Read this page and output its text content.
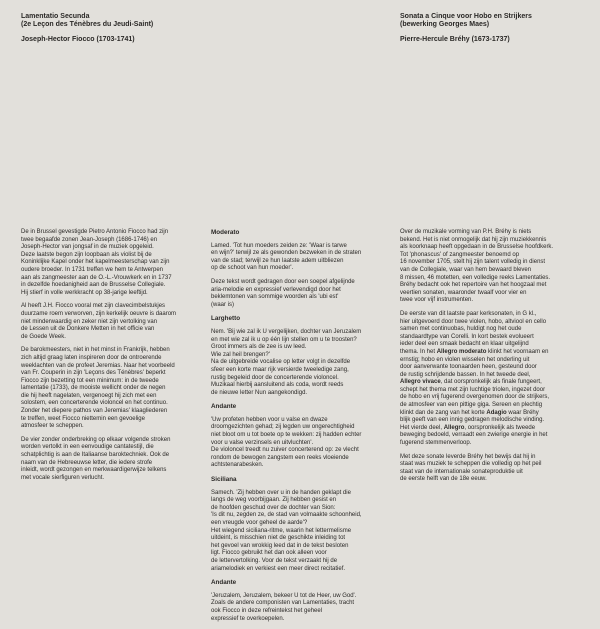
Lamentatio Secunda

(2e Leçon des Ténèbres du Jeudi-Saint)

Joseph-Hector Fiocco (1703-1741)

Sonata a Cinque voor Hobo en Strijkers

(bewerking Georges Maes)

Pierre-Hercule Bréhy (1673-1737)

De in Brussel gevestigde Pietro Antonio Fiocco had zijn
twee begaafde zonen Jean-Joseph (1686-1746) en
Joseph-Hector van jongsaf in de muziek opgeleid.
Deze laatste begon zijn loopbaan als violist bij de
Koninklijke Kapel onder het kapelmeesterschap van zijn
oudere broeder. In 1731 treffen we hem te Antwerpen
aan als zangmeester aan de O.-L.-Vrouwkerk en in 1737
in dezelfde hoedanigheid aan de Brusselse Collegiale.
Hij stierf in volle werkkracht op 38-jarige leeftijd.

Al heeft J.H. Fiocco vooral met zijn clavecimbelstukjes
duurzame roem verworven, zijn kerkelijk oeuvre is daarom
niet minderwaardig en zeker niet zijn vertolking van
de Lessen uit de Donkere Metten in het officie van
de Goede Week.

De barokmeesters, niet in het minst in Frankrijk, hebben
zich altijd graag laten inspireren door de ontroerende
weeklachten van de profeet Jeremias. Naar het voorbeeld
van Fr. Couperin in zijn 'Leçons des Ténèbres' beperkt
Fiocco zijn bezetting tot een minimum: in de tweede
lamentatie (1733), de mooiste wellicht onder de negen
die hij heeft nagelaten, vergenoegt hij zich met een
solostem, een concerterende violoncel en het continuo.
Zonder het diepere pathos van Jeremias' klaagliederen
te treffen, weet Fiocco niettemin een gevoelige
atmosfeer te scheppen.

De vier zonder onderbreking op elkaar volgende stroken
worden vertolkt in een eenvoudige cantatestijl, die
schatplichtig is aan de Italiaanse baroktechniek. Ook de
naam van de Hebreeuwse letter, die iedere strofe
inleidt, wordt gezongen en merkwaardigerwijze telkens
met vocale sierfiguren verlucht.

Moderato

Lamed. 'Tot hun moeders zeiden ze: 'Waar is tarwe
en wijn?' terwijl ze als gewonden bezweken in de straten
van de stad; terwijl ze hun laatste adem uitbliezen
op de schoot van hun moeder'.

Deze tekst wordt gedragen door een soepel afgelijnde
aria-melodie en expressief verlevendigd door het
beklemtonen van sommige woorden als 'ubi est'
(waar is)

Larghetto

Nem. 'Bij wie zal ik U vergelijken, dochter van Jeruzalem
en met wie zal ik u op één lijn stellen om u te troosten?
Groot immers als de zee is uw leed.
Wie zal heil brengen?'
Na de uitgebreide vocalise op letter volgt in dezelfde
sfeer een korte maar rijk versierde tweeledige zang,
rustig begeleid door de concerterende violoncel.
Muzikaal hierbij aansluitend als coda, wordt reeds
de nieuwe letter Nun aangekondigd.

Andante

'Uw profeten hebben voor u valse en dwaze
droomgezichten gehad; zij legden uw ongerechtigheid
niet bloot om u tot boete op te wekken: zij hadden echter
voor u valse verzinsels en uitvluchten'.
De violoncel treedt nu zuiver concerterend op: ze vlecht
rondom de bewogen zangstem een reeks vloeiende
achtstenarabesken.

Siciliana

Samech. 'Zij hebben over u in de handen geklapt die
langs de weg voorbijgaan. Zij hebben gesist en
de hoofden geschud over de dochter van Sion:
'Is dit nu, zegden ze, de stad van volmaakte schoonheid,
een vreugde voor geheel de aarde'?
Het wiegend siciliana-ritme, waarin het lettermelisme
uitdeint, is misschien niet de geschikte inleiding tot
het gevoel van wrokkig leed dat in de tekst besloten
ligt. Fiocco gebruikt het dan ook alleen voor
de lettervertolking. Voor de tekst verzaakt hij de
ariamelodiek en verkiest een meer direct recitatief.

Andante

'Jeruzalem, Jeruzalem, bekeer U tot de Heer, uw God'.
Zoals de andere componisten van Lamentaties, tracht
ook Fiocco in deze refreintekst het geheel
expressief te overkoepelen.

Over de muzikale vorming van P.H. Bréhy is niets
bekend. Het is niet onmogelijk dat hij zijn muziekkennis
als koorknaap heeft opgedaan in de Brusselse hoofdkerk.
Tot 'phonascus' of zangmeester benoemd op
16 november 1705, stelt hij zijn talent volledig in dienst
van de Collegiale, waar van hem bewaard bleven
8 missen, 46 motetten, een volledige reeks Lamentaties.
Bréhy bedacht ook het repertoire van het hoogzaal met
veertien sonaten, waaronder twaalf voor vier en
twee voor vijf instrumenten.

De eerste van dit laatste paar kerksonaten, in G kl.,
hier uitgevoerd door twee violen, hobo, altviool en cello
samen met continuobas, huldigt nog het oude
standaardtype van Corelli. In kort bestek evolueert
ieder deel een smaak bedacht en klaar uitgelijnd
thema. In het Allegro moderato klinkt het voornaam en
ernstig; hobo en violen wisselen het onderling uit
door aanverwante toonaarden heen, gesteund door
de rustig schrijdende bassen. In het tweede deel,
Allegro vivace, dat oorspronkelijk als finale fungeert,
schept het thema met zijn luchtige triolen, ingezet door
de hobo en vrij fugerend overgenomen door de strijkers,
de atmosfeer van een pittige giga. Sereen en plechtig
klinkt dan de zang van het korte Adagio waar Bréhy
blijk geeft van een innig gedragen melodische vinding.
Het vierde deel, Allegro, oorspronkelijk als tweede
beweging bedoeld, verraadt een zwierige energie in het
fugerend stemmenverloop.

Met deze sonate leverde Bréhy het bewijs dat hij in
staat was muziek te scheppen die volledig op het peil
staat van de internationale sonateproduktie uit
de eerste helft van de 18e eeuw.
